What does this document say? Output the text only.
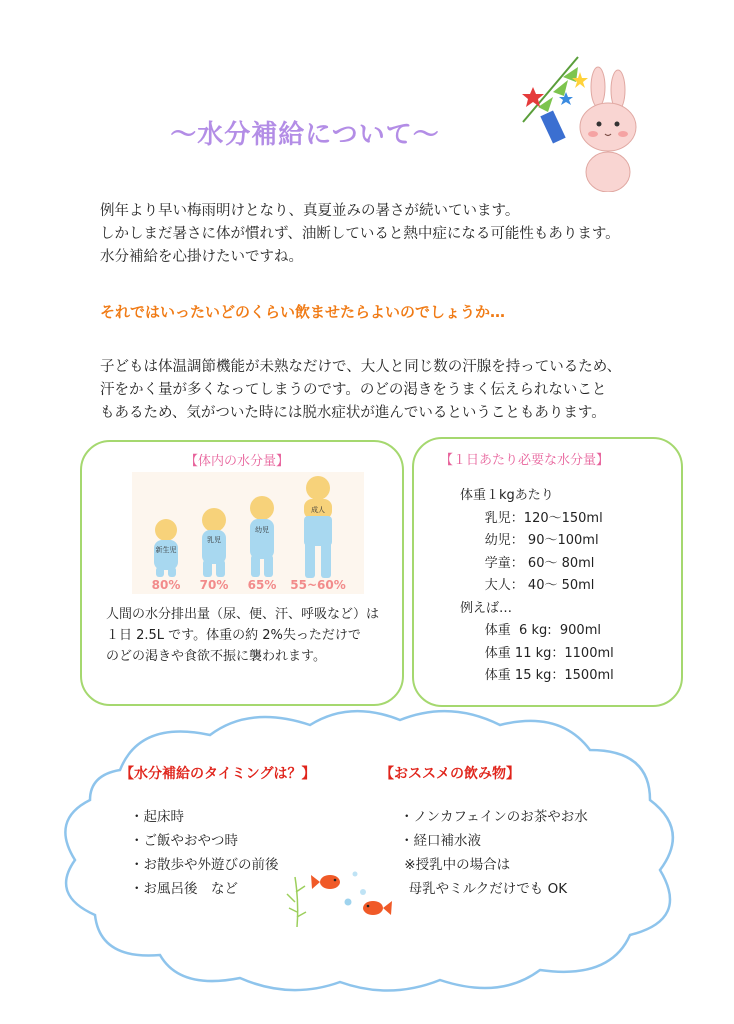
〜水分補給について〜
例年より早い梅雨明けとなり、真夏並みの暑さが続いています。
しかしまだ暑さに体が慣れず、油断していると熱中症になる可能性もあります。
水分補給を心掛けたいですね。
それではいったいどのくらい飲ませたらよいのでしょうか…
子どもは体温調節機能が未熟なだけで、大人と同じ数の汗腺を持っているため、
汗をかく量が多くなってしまうのです。のどの渇きをうまく伝えられないこと
もあるため、気がついた時には脱水症状が進んでいるということもあります。
【体内の水分量】
新生児
80%
乳児
70%
幼児
65%
成人
55~60%
人間の水分排出量（尿、便、汗、呼吸など）は
１日 2.5L です。体重の約 2%失っただけで
のどの渇きや食欲不振に襲われます。
【１日あたり必要な水分量】
体重１kgあたり
乳児：120〜150ml
幼児： 90〜100ml
学童： 60〜 80ml
大人： 40〜 50ml
例えば…
体重  6 kg:  900ml
体重 11 kg：1100ml
体重 15 kg：1500ml
【水分補給のタイミングは？】	【おススメの飲み物】
・起床時
・ご飯やおやつ時
・お散歩や外遊びの前後
・お風呂後　など
・ノンカフェインのお茶やお水
・経口補水液
※授乳中の場合は
母乳やミルクだけでも OK
